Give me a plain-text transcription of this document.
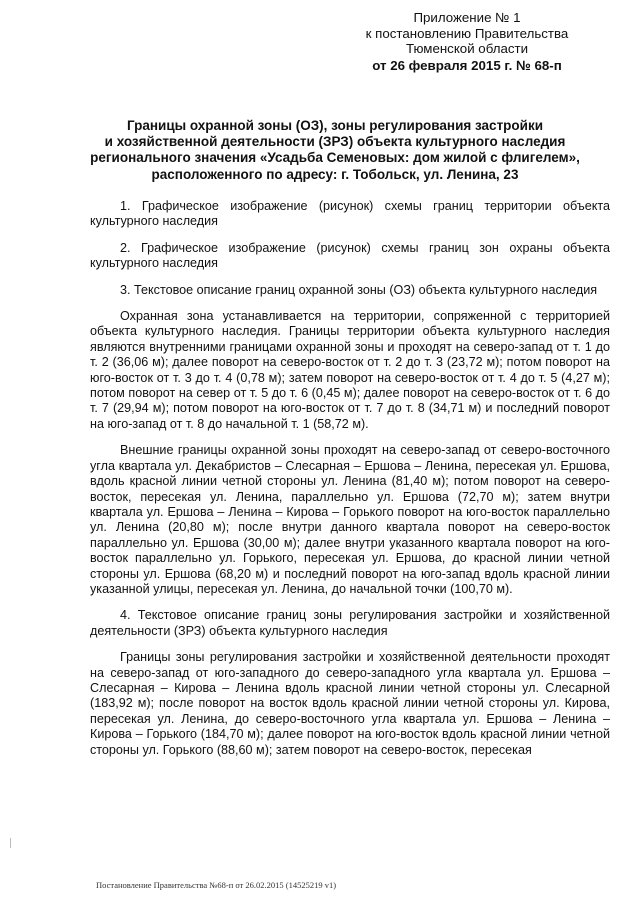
Приложение № 1
к постановлению Правительства
Тюменской области
от 26 февраля 2015 г. № 68-п
Границы охранной зоны (ОЗ), зоны регулирования застройки
и хозяйственной деятельности (ЗРЗ) объекта культурного наследия
регионального значения «Усадьба Семеновых: дом жилой с флигелем»,
расположенного по адресу: г. Тобольск, ул. Ленина, 23

1. Графическое изображение (рисунок) схемы границ территории объекта культурного наследия

2. Графическое изображение (рисунок) схемы границ зон охраны объекта культурного наследия

3. Текстовое описание границ охранной зоны (ОЗ) объекта культурного наследия

Охранная зона устанавливается на территории, сопряженной с территорией объекта культурного наследия. Границы территории объекта культурного наследия являются внутренними границами охранной зоны и проходят на северо-запад от т. 1 до т. 2 (36,06 м); далее поворот на северо-восток от т. 2 до т. 3 (23,72 м); потом поворот на юго-восток от т. 3 до т. 4 (0,78 м); затем поворот на северо-восток от т. 4 до т. 5 (4,27 м); потом поворот на север от т. 5 до т. 6 (0,45 м); далее поворот на северо-восток от т. 6 до т. 7 (29,94 м); потом поворот на юго-восток от т. 7 до т. 8 (34,71 м) и последний поворот на юго-запад от т. 8 до начальной т. 1 (58,72 м).

Внешние границы охранной зоны проходят на северо-запад от северо-восточного угла квартала ул. Декабристов – Слесарная – Ершова – Ленина, пересекая ул. Ершова, вдоль красной линии четной стороны ул. Ленина (81,40 м); потом поворот на северо-восток, пересекая ул. Ленина, параллельно ул. Ершова (72,70 м); затем внутри квартала ул. Ершова – Ленина – Кирова – Горького поворот на юго-восток параллельно ул. Ленина (20,80 м); после внутри данного квартала поворот на северо-восток параллельно ул. Ершова (30,00 м); далее внутри указанного квартала поворот на юго-восток параллельно ул. Горького, пересекая ул. Ершова, до красной линии четной стороны ул. Ершова (68,20 м) и последний поворот на юго-запад вдоль красной линии указанной улицы, пересекая ул. Ленина, до начальной точки (100,70 м).

4. Текстовое описание границ зоны регулирования застройки и хозяйственной деятельности (ЗРЗ) объекта культурного наследия

Границы зоны регулирования застройки и хозяйственной деятельности проходят на северо-запад от юго-западного до северо-западного угла квартала ул. Ершова – Слесарная – Кирова – Ленина вдоль красной линии четной стороны ул. Слесарной (183,92 м); после поворот на восток вдоль красной линии четной стороны ул. Кирова, пересекая ул. Ленина, до северо-восточного угла квартала ул. Ершова – Ленина – Кирова – Горького (184,70 м); далее поворот на юго-восток вдоль красной линии четной стороны ул. Горького (88,60 м); затем поворот на северо-восток, пересекая

Постановление Правительства №68-п от 26.02.2015 (14525219 v1)
